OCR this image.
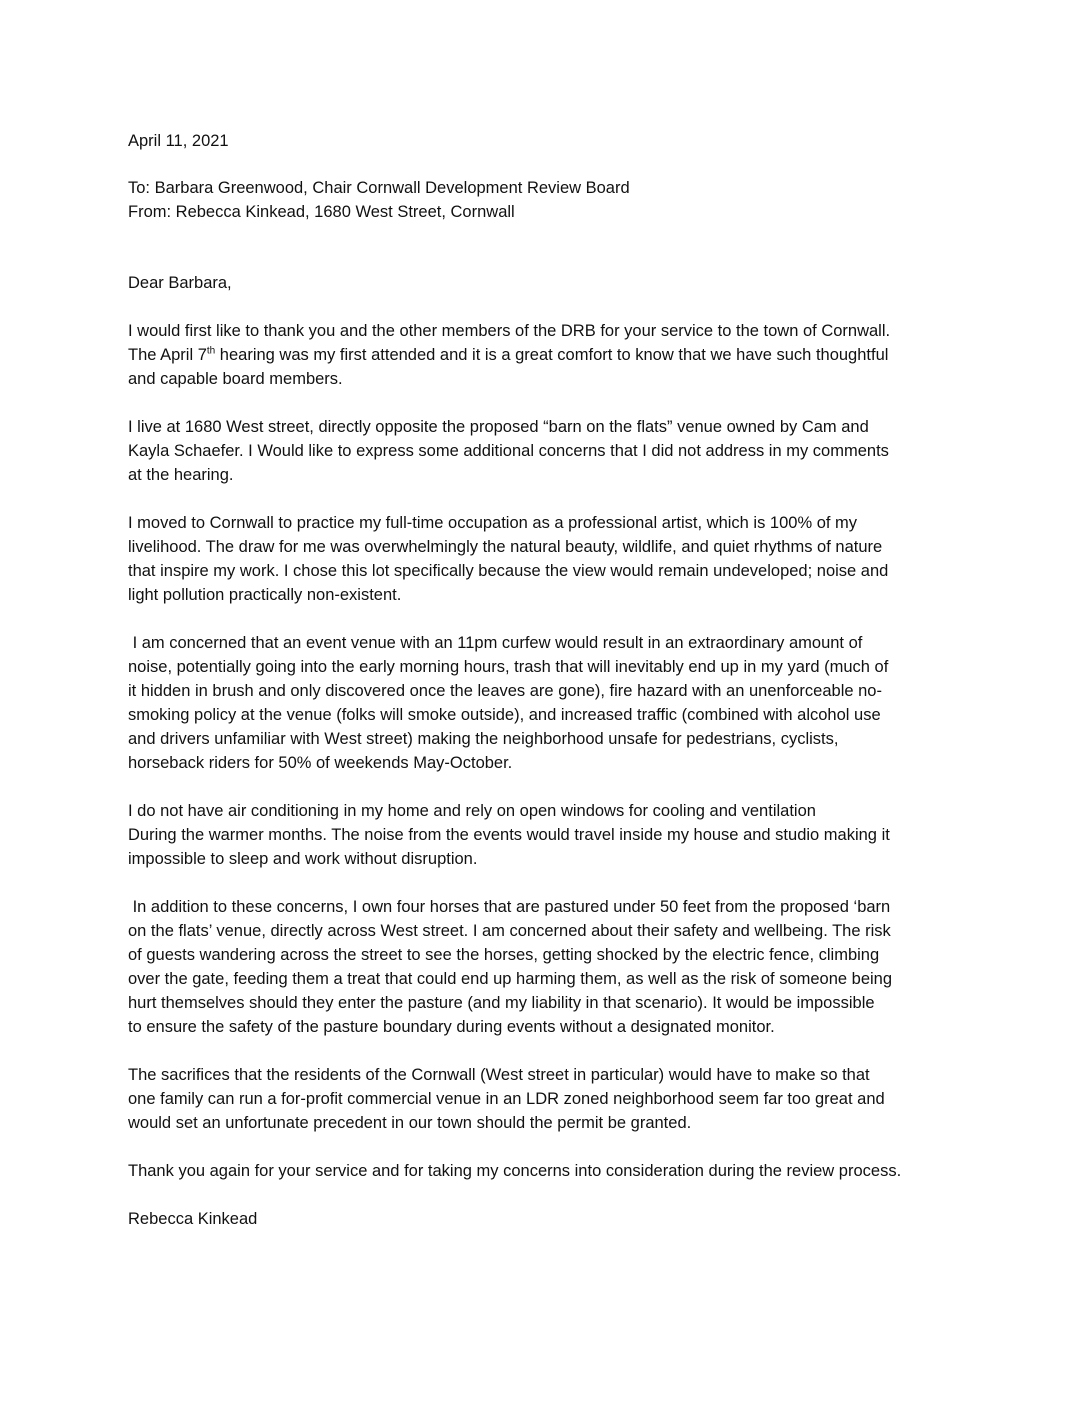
April 11, 2021

To: Barbara Greenwood, Chair Cornwall Development Review Board
From: Rebecca Kinkead, 1680 West Street, Cornwall

Dear Barbara,

I would first like to thank you and the other members of the DRB for your service to the town of Cornwall.
The April 7th hearing was my first attended and it is a great comfort to know that we have such thoughtful
and capable board members.

I live at 1680 West street, directly opposite the proposed “barn on the flats” venue owned by Cam and
Kayla Schaefer. I Would like to express some additional concerns that I did not address in my comments
at the hearing.

I moved to Cornwall to practice my full-time occupation as a professional artist, which is 100% of my
livelihood. The draw for me was overwhelmingly the natural beauty, wildlife, and quiet rhythms of nature
that inspire my work. I chose this lot specifically because the view would remain undeveloped; noise and
light pollution practically non-existent.

I am concerned that an event venue with an 11pm curfew would result in an extraordinary amount of
noise, potentially going into the early morning hours, trash that will inevitably end up in my yard (much of
it hidden in brush and only discovered once the leaves are gone), fire hazard with an unenforceable no-
smoking policy at the venue (folks will smoke outside), and increased traffic (combined with alcohol use
and drivers unfamiliar with West street) making the neighborhood unsafe for pedestrians, cyclists,
horseback riders for 50% of weekends May-October.

I do not have air conditioning in my home and rely on open windows for cooling and ventilation
During the warmer months. The noise from the events would travel inside my house and studio making it
impossible to sleep and work without disruption.

In addition to these concerns, I own four horses that are pastured under 50 feet from the proposed ‘barn
on the flats’ venue, directly across West street. I am concerned about their safety and wellbeing. The risk
of guests wandering across the street to see the horses, getting shocked by the electric fence, climbing
over the gate, feeding them a treat that could end up harming them, as well as the risk of someone being
hurt themselves should they enter the pasture (and my liability in that scenario). It would be impossible
to ensure the safety of the pasture boundary during events without a designated monitor.

The sacrifices that the residents of the Cornwall (West street in particular) would have to make so that
one family can run a for-profit commercial venue in an LDR zoned neighborhood seem far too great and
would set an unfortunate precedent in our town should the permit be granted.

Thank you again for your service and for taking my concerns into consideration during the review process.

Rebecca Kinkead
